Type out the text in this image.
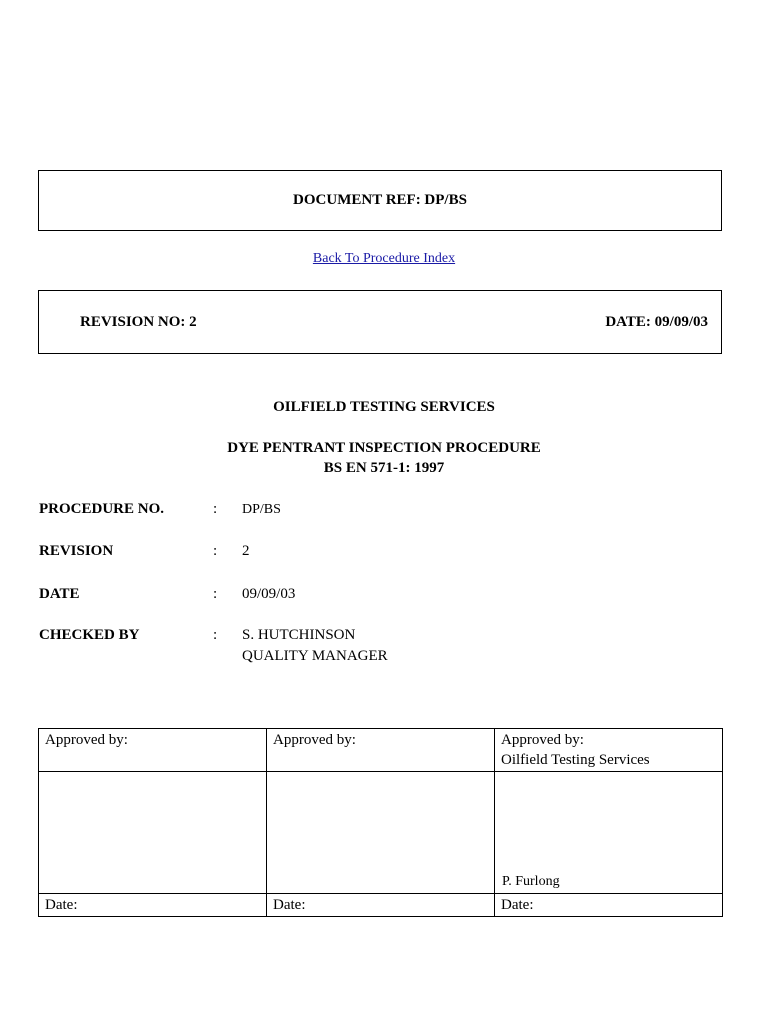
DOCUMENT REF: DP/BS
Back To Procedure Index
REVISION NO: 2	DATE: 09/09/03
OILFIELD TESTING SERVICES
DYE PENTRANT INSPECTION PROCEDURE
BS EN 571-1: 1997
PROCEDURE NO.	: DP/BS
REVISION	: 2
DATE	: 09/09/03
CHECKED BY	: S. HUTCHINSON
QUALITY MANAGER
Approved by:	Approved by:	Approved by:
Oilfield Testing Services

		P. Furlong

Date:	Date:	Date:
